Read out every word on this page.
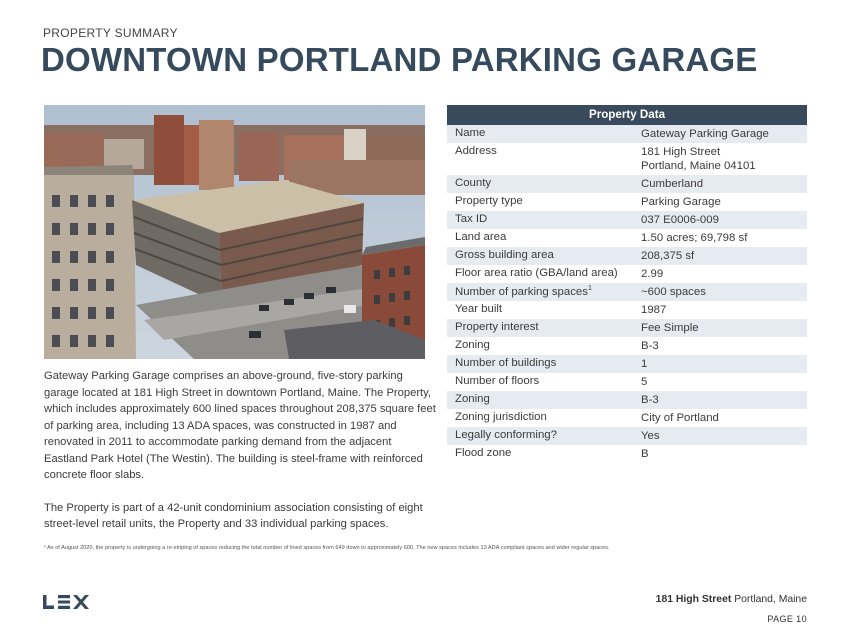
PROPERTY SUMMARY
DOWNTOWN PORTLAND PARKING GARAGE

Gateway Parking Garage comprises an above-ground, five-story parking garage located at 181 High Street in downtown Portland, Maine. The Property, which includes approximately 600 lined spaces throughout 208,375 square feet of parking area, including 13 ADA spaces, was constructed in 1987 and renovated in 2011 to accommodate parking demand from the adjacent Eastland Park Hotel (The Westin). The building is steel-frame with reinforced concrete floor slabs.

The Property is part of a 42-unit condominium association consisting of eight street-level retail units, the Property and 33 individual parking spaces.

Property Data
Name	Gateway Parking Garage
Address	181 High Street
Portland, Maine 04101
County	Cumberland
Property type	Parking Garage
Tax ID	037 E0006-009
Land area	1.50 acres; 69,798 sf
Gross building area	208,375 sf
Floor area ratio (GBA/land area)	2.99
Number of parking spaces$^1$	~600 spaces
Year built	1987
Property interest	Fee Simple
Zoning	B-3
Number of buildings	1
Number of floors	5
Zoning	B-3
Zoning jurisdiction	City of Portland
Legally conforming?	Yes
Flood zone	B
¹ As of August 2020, the property is undergoing a re-striping of spaces reducing the total number of lined spaces from 649 down to approximately 600. The new spaces includes 13 ADA compliant spaces and wider regular spaces.
181 High Street Portland, Maine
PAGE 10
